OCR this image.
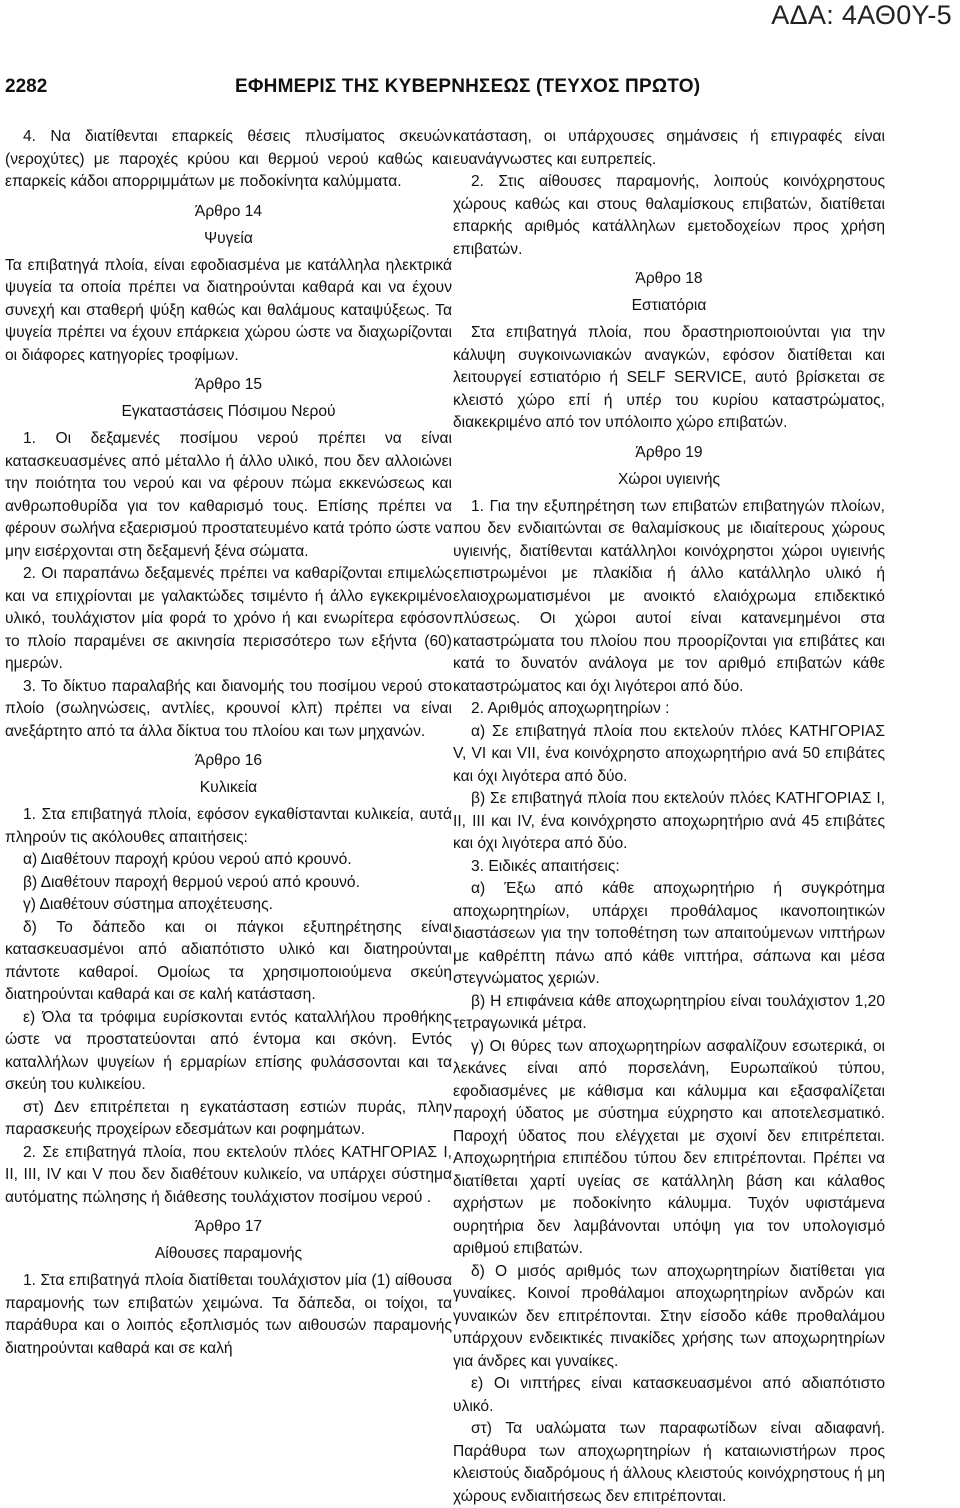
ΑΔΑ: 4ΑΘ0Υ-5
2282	ΕΦΗΜΕΡΙΣ ΤΗΣ ΚΥΒΕΡΝΗΣΕΩΣ (ΤΕΥΧΟΣ ΠΡΩΤΟ)

4. Να διατίθενται επαρκείς θέσεις πλυσίματος σκευών (νεροχύτες) με παροχές κρύου και θερμού νερού καθώς και επαρκείς κάδοι απορριμμάτων με ποδοκίνητα καλύμματα.

Άρθρο 14
Ψυγεία

Τα επιβατηγά πλοία, είναι εφοδιασμένα με κατάλληλα ηλεκτρικά ψυγεία τα οποία πρέπει να διατηρούνται καθαρά και να έχουν συνεχή και σταθερή ψύξη καθώς και θαλάμους καταψύξεως. Τα ψυγεία πρέπει να έχουν επάρκεια χώρου ώστε να διαχωρίζονται οι διάφορες κατηγορίες τροφίμων.

Άρθρο 15
Εγκαταστάσεις Πόσιμου Νερού

1. Οι δεξαμενές ποσίμου νερού πρέπει να είναι κατασκευασμένες από μέταλλο ή άλλο υλικό, που δεν αλλοιώνει την ποιότητα του νερού και να φέρουν πώμα εκκενώσεως και ανθρωποθυρίδα για τον καθαρισμό τους. Επίσης πρέπει να φέρουν σωλήνα εξαερισμού προστατευμένο κατά τρόπο ώστε να μην εισέρχονται στη δεξαμενή ξένα σώματα.

2. Οι παραπάνω δεξαμενές πρέπει να καθαρίζονται επιμελώς και να επιχρίονται με γαλακτώδες τσιμέντο ή άλλο εγκεκριμένο υλικό, τουλάχιστον μία φορά το χρόνο ή και ενωρίτερα εφόσον το πλοίο παραμένει σε ακινησία περισσότερο των εξήντα (60) ημερών.

3. Το δίκτυο παραλαβής και διανομής του ποσίμου νερού στο πλοίο (σωληνώσεις, αντλίες, κρουνοί κλπ) πρέπει να είναι ανεξάρτητο από τα άλλα δίκτυα του πλοίου και των μηχανών.

Άρθρο 16
Κυλικεία

1. Στα επιβατηγά πλοία, εφόσον εγκαθίστανται κυλικεία, αυτά πληρούν τις ακόλουθες απαιτήσεις:

α) Διαθέτουν παροχή κρύου νερού από κρουνό.

β) Διαθέτουν παροχή θερμού νερού από κρουνό.

γ) Διαθέτουν σύστημα αποχέτευσης.

δ) Το δάπεδο και οι πάγκοι εξυπηρέτησης είναι κατασκευασμένοι από αδιαπότιστο υλικό και διατηρούνται πάντοτε καθαροί. Ομοίως τα χρησιμοποιούμενα σκεύη διατηρούνται καθαρά και σε καλή κατάσταση.

ε) Όλα τα τρόφιμα ευρίσκονται εντός καταλλήλου προθήκης ώστε να προστατεύονται από έντομα και σκόνη. Εντός καταλλήλων ψυγείων ή ερμαρίων επίσης φυλάσσονται και τα σκεύη του κυλικείου.

στ) Δεν επιτρέπεται η εγκατάσταση εστιών πυράς, πλην παρασκευής προχείρων εδεσμάτων και ροφημάτων.

2. Σε επιβατηγά πλοία, που εκτελούν πλόες ΚΑΤΗΓΟΡΙΑΣ Ι, ΙΙ, ΙΙΙ, IV και V που δεν διαθέτουν κυλικείο, να υπάρχει σύστημα αυτόματης πώλησης ή διάθεσης τουλάχιστον ποσίμου νερού .

Άρθρο 17
Αίθουσες παραμονής

1. Στα επιβατηγά πλοία διατίθεται τουλάχιστον μία (1) αίθουσα παραμονής των επιβατών χειμώνα. Τα δάπεδα, οι τοίχοι, τα παράθυρα και ο λοιπός εξοπλισμός των αιθουσών παραμονής διατηρούνται καθαρά και σε καλή

κατάσταση, οι υπάρχουσες σημάνσεις ή επιγραφές είναι ευανάγνωστες και ευπρεπείς.

2. Στις αίθουσες παραμονής, λοιπούς κοινόχρηστους χώρους καθώς και στους θαλαμίσκους επιβατών, διατίθεται επαρκής αριθμός κατάλληλων εμετοδοχείων προς χρήση επιβατών.

Άρθρο 18
Εστιατόρια

Στα επιβατηγά πλοία, που δραστηριοποιούνται για την κάλυψη συγκοινωνιακών αναγκών, εφόσον διατίθεται και λειτουργεί εστιατόριο ή SELF SERVICE, αυτό βρίσκεται σε κλειστό χώρο επί ή υπέρ του κυρίου καταστρώματος, διακεκριμένο από τον υπόλοιπο χώρο επιβατών.

Άρθρο 19
Χώροι υγιεινής

1. Για την εξυπηρέτηση των επιβατών επιβατηγών πλοίων, που δεν ενδιαιτώνται σε θαλαμίσκους με ιδιαίτερους χώρους υγιεινής, διατίθενται κατάλληλοι κοινόχρηστοι χώροι υγιεινής επιστρωμένοι με πλακίδια ή άλλο κατάλληλο υλικό ή ελαιοχρωματισμένοι με ανοικτό ελαιόχρωμα επιδεκτικό πλύσεως. Οι χώροι αυτοί είναι κατανεμημένοι στα καταστρώματα του πλοίου που προορίζονται για επιβάτες και κατά το δυνατόν ανάλογα με τον αριθμό επιβατών κάθε καταστρώματος και όχι λιγότεροι από δύο.

2. Αριθμός αποχωρητηρίων :

α) Σε επιβατηγά πλοία που εκτελούν πλόες ΚΑΤΗΓΟΡΙΑΣ V, VI και VII, ένα κοινόχρηστο αποχωρητήριο ανά 50 επιβάτες και όχι λιγότερα από δύο.

β) Σε επιβατηγά πλοία που εκτελούν πλόες ΚΑΤΗΓΟΡΙΑΣ Ι, ΙΙ, ΙΙΙ και IV, ένα κοινόχρηστο αποχωρητήριο ανά 45 επιβάτες και όχι λιγότερα από δύο.

3. Ειδικές απαιτήσεις:

α) Έξω από κάθε αποχωρητήριο ή συγκρότημα αποχωρητηρίων, υπάρχει προθάλαμος ικανοποιητικών διαστάσεων για την τοποθέτηση των απαιτούμενων νιπτήρων με καθρέπτη πάνω από κάθε νιπτήρα, σάπωνα και μέσα στεγνώματος χεριών.

β) Η επιφάνεια κάθε αποχωρητηρίου είναι τουλάχιστον 1,20 τετραγωνικά μέτρα.

γ) Οι θύρες των αποχωρητηρίων ασφαλίζουν εσωτερικά, οι λεκάνες είναι από πορσελάνη, Ευρωπαϊκού τύπου, εφοδιασμένες με κάθισμα και κάλυμμα και εξασφαλίζεται παροχή ύδατος με σύστημα εύχρηστο και αποτελεσματικό. Παροχή ύδατος που ελέγχεται με σχοινί δεν επιτρέπεται. Αποχωρητήρια επιπέδου τύπου δεν επιτρέπονται. Πρέπει να διατίθεται χαρτί υγείας σε κατάλληλη βάση και κάλαθος αχρήστων με ποδοκίνητο κάλυμμα. Τυχόν υφιστάμενα ουρητήρια δεν λαμβάνονται υπόψη για τον υπολογισμό αριθμού επιβατών.

δ) Ο μισός αριθμός των αποχωρητηρίων διατίθεται για γυναίκες. Κοινοί προθάλαμοι αποχωρητηρίων ανδρών και γυναικών δεν επιτρέπονται. Στην είσοδο κάθε προθαλάμου υπάρχουν ενδεικτικές πινακίδες χρήσης των αποχωρητηρίων για άνδρες και γυναίκες.

ε) Οι νιπτήρες είναι κατασκευασμένοι από αδιαπότιστο υλικό.

στ) Τα υαλώματα των παραφωτίδων είναι αδιαφανή. Παράθυρα των αποχωρητηρίων ή καταιωνιστήρων προς κλειστούς διαδρόμους ή άλλους κλειστούς κοινόχρηστους ή μη χώρους ενδιαιτήσεως δεν επιτρέπονται.
